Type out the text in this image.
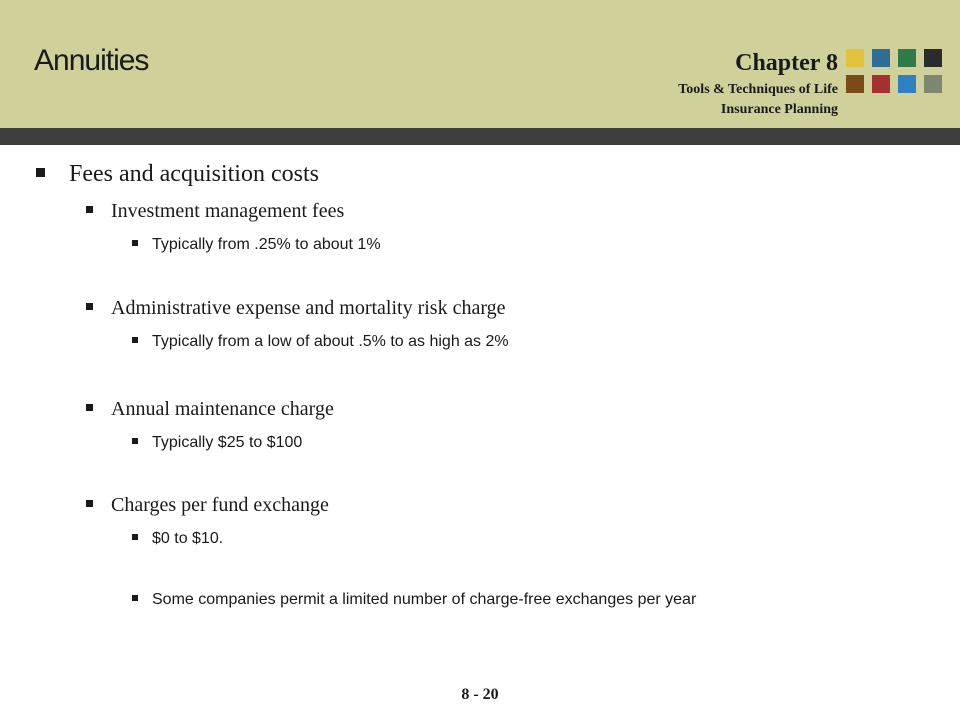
Annuities	Chapter 8
Tools & Techniques of Life
Insurance Planning
Fees and acquisition costs
Investment management fees
Typically from .25% to about 1%
Administrative expense and mortality risk charge
Typically from a low of about .5% to as high as 2%
Annual maintenance charge
Typically $25 to $100
Charges per fund exchange
$0 to $10.
Some companies permit a limited number of charge-free exchanges per year
8 - 20
